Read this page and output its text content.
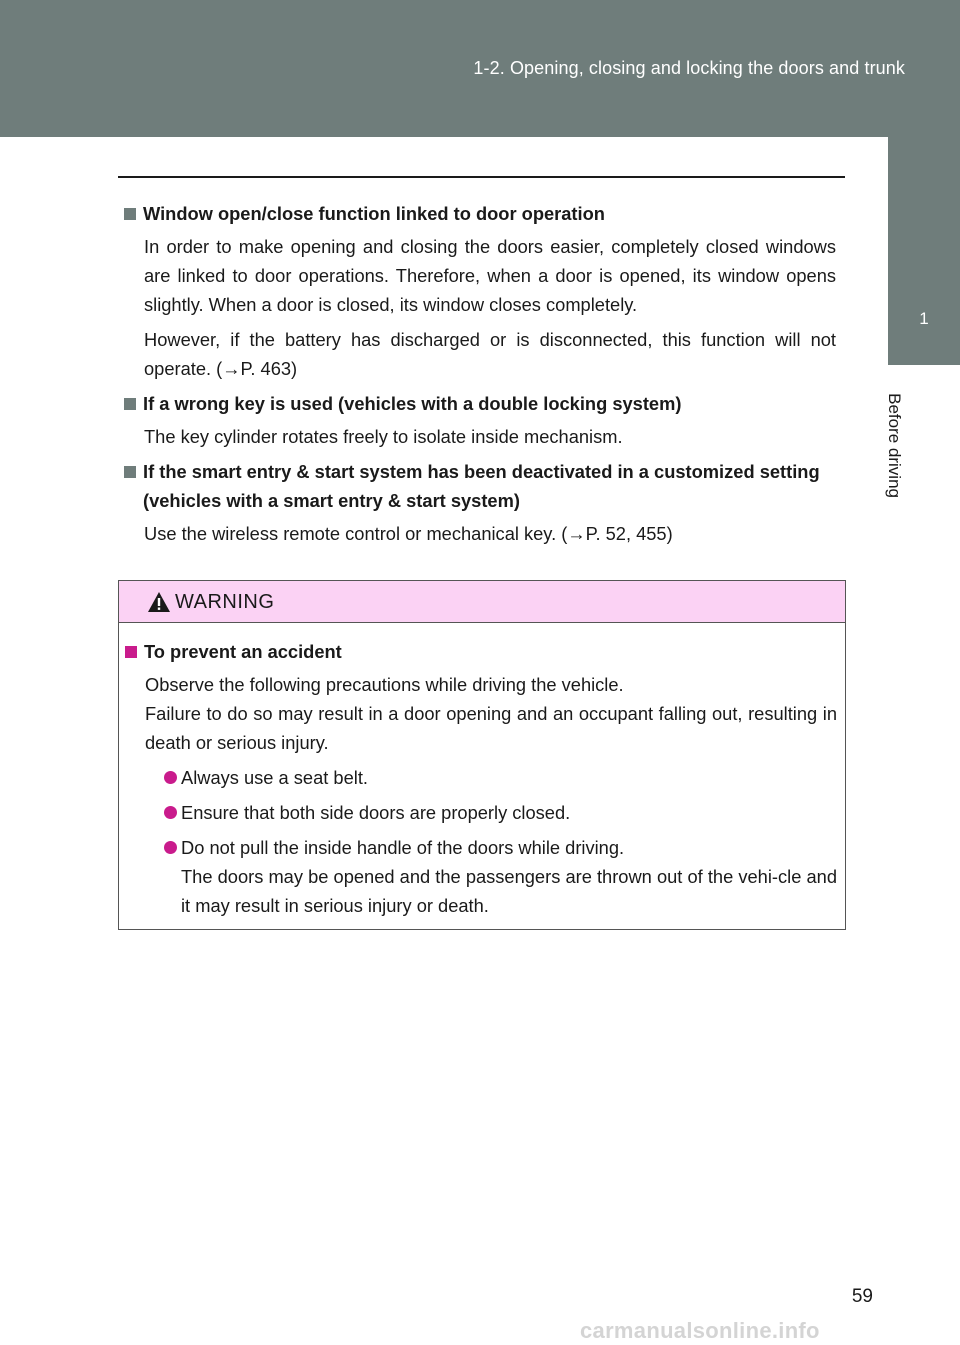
1-2. Opening, closing and locking the doors and trunk
1
Before driving

Window open/close function linked to door operation

In order to make opening and closing the doors easier, completely closed windows are linked to door operations. Therefore, when a door is opened, its window opens slightly. When a door is closed, its window closes completely.

However, if the battery has discharged or is disconnected, this function will not operate. (→P. 463)

If a wrong key is used (vehicles with a double locking system)

The key cylinder rotates freely to isolate inside mechanism.

If the smart entry & start system has been deactivated in a customized setting (vehicles with a smart entry & start system)

Use the wireless remote control or mechanical key. (→P. 52, 455)

WARNING

To prevent an accident

Observe the following precautions while driving the vehicle.
Failure to do so may result in a door opening and an occupant falling out, resulting in death or serious injury.

Always use a seat belt.
Ensure that both side doors are properly closed.
Do not pull the inside handle of the doors while driving.
The doors may be opened and the passengers are thrown out of the vehi-cle and it may result in serious injury or death.
59
carmanualsonline.info
